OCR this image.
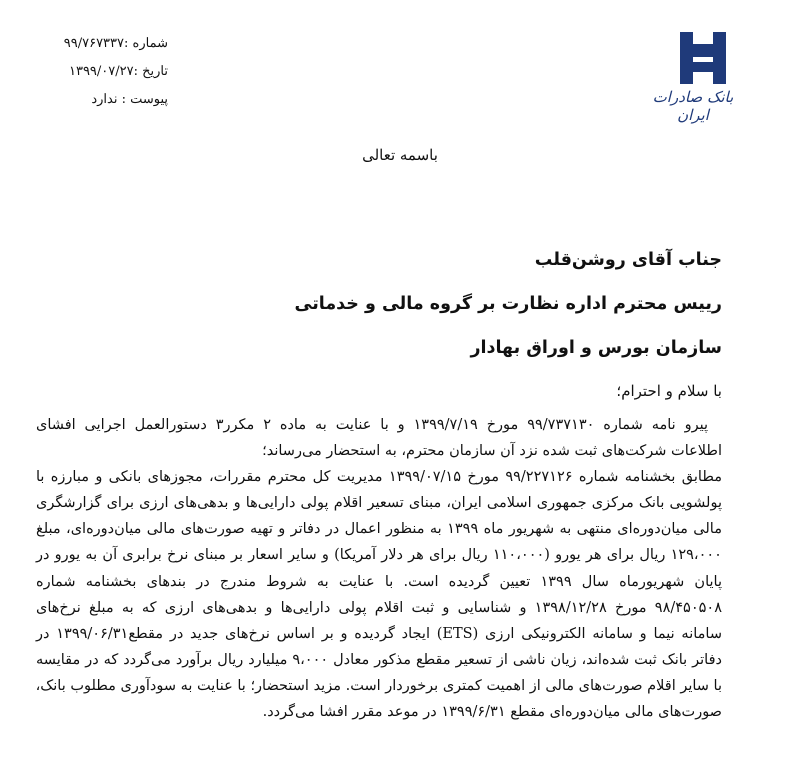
شماره :۹۹/۷۶۷۳۳۷
تاریخ :۱۳۹۹/۰۷/۲۷
پیوست : ندارد	بانک صادرات ایران
باسمه تعالی
جناب آقای روشن‌قلب
رییس محترم اداره نظارت بر گروه مالی و خدماتی
سازمان بورس و اوراق بهادار
با سلام و احترام؛
پیرو نامه شماره ۹۹/۷۳۷۱۳۰ مورخ ۱۳۹۹/۷/۱۹ و با عنایت به ماده ۲ مکرر۳ دستورالعمل اجرایی افشای
اطلاعات شرکت‌های ثبت شده نزد آن سازمان محترم، به استحضار می‌رساند؛
مطابق بخشنامه شماره ۹۹/۲۲۷۱۲۶ مورخ ۱۳۹۹/۰۷/۱۵ مدیریت کل محترم مقررات، مجوزهای بانکی و مبارزه با
پولشویی بانک مرکزی جمهوری اسلامی ایران، مبنای تسعیر اقلام پولی دارایی‌ها و بدهی‌های ارزی برای گزارشگری
مالی میان‌دوره‌ای منتهی به شهریور ماه ۱۳۹۹ به منظور اعمال در دفاتر و تهیه صورت‌های مالی میان‌دوره‌ای، مبلغ
۱۲۹،۰۰۰ ریال برای هر یورو (۱۱۰،۰۰۰ ریال برای هر دلار آمریکا) و سایر اسعار بر مبنای نرخ برابری آن به یورو در
پایان شهریورماه سال ۱۳۹۹ تعیین گردیده است. با عنایت به شروط مندرج در بندهای بخشنامه شماره
۹۸/۴۵۰۵۰۸ مورخ ۱۳۹۸/۱۲/۲۸ و شناسایی و ثبت اقلام پولی دارایی‌ها و بدهی‌های ارزی که به مبلغ نرخ‌های
سامانه نیما و سامانه الکترونیکی ارزی (ETS) ایجاد گردیده و بر اساس نرخ‌های جدید در مقطع۱۳۹۹/۰۶/۳۱ در
دفاتر بانک ثبت شده‌اند، زیان ناشی از تسعیر مقطع مذکور معادل ۹،۰۰۰ میلیارد ریال برآورد می‌گردد که در مقایسه
با سایر اقلام صورت‌های مالی از اهمیت کمتری برخوردار است. مزید استحضار؛ با عنایت به سودآوری مطلوب بانک،
صورت‌های مالی میان‌دوره‌ای مقطع ۱۳۹۹/۶/۳۱ در موعد مقرر افشا می‌گردد.
